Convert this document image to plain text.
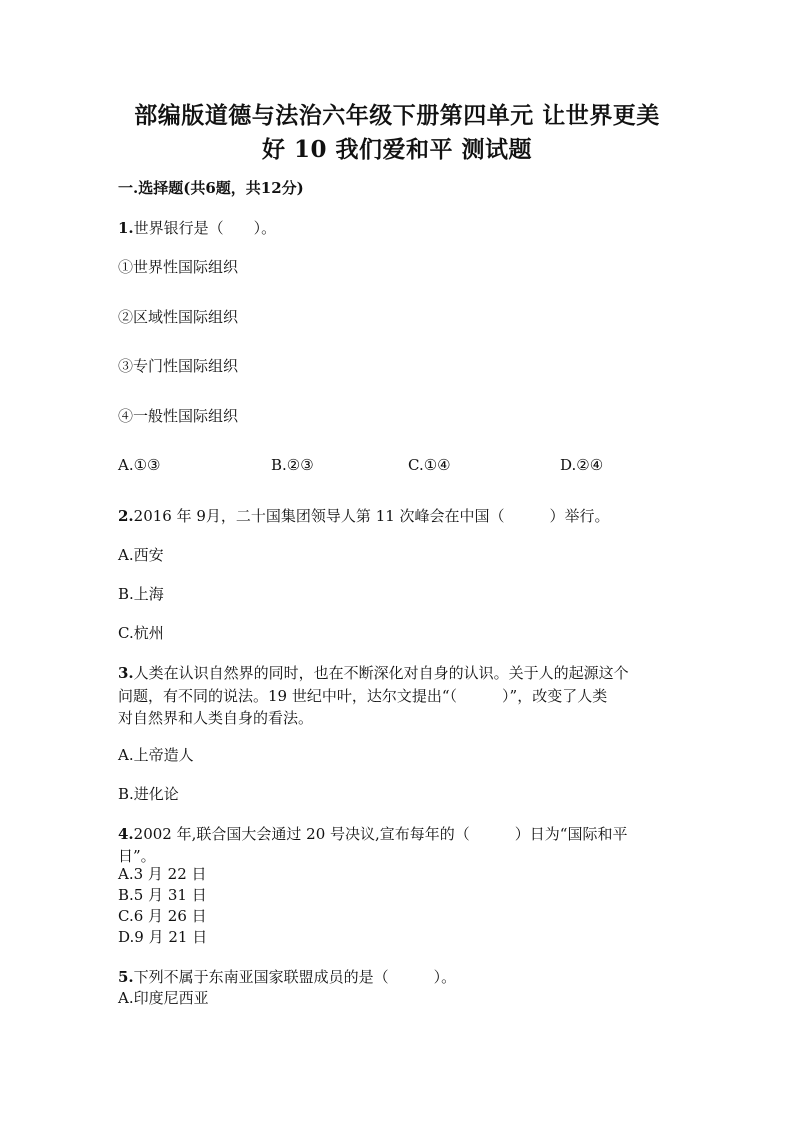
部编版道德与法治六年级下册第四单元 让世界更美
好 10 我们爱和平 测试题
一.选择题(共6题，共12分)
1.世界银行是（　　）。
①世界性国际组织
②区域性国际组织
③专门性国际组织
④一般性国际组织
A.①③	B.②③	C.①④	D.②④
2.2016 年 9月，二十国集团领导人第 11 次峰会在中国（　　　）举行。
A.西安
B.上海
C.杭州
3.人类在认识自然界的同时，也在不断深化对自身的认识。关于人的起源这个
问题，有不同的说法。19 世纪中叶，达尔文提出“（　　　）”，改变了人类
对自然界和人类自身的看法。
A.上帝造人
B.进化论
4.2002 年,联合国大会通过 20 号决议,宣布每年的（　　　）日为“国际和平
日”。
A.3 月 22 日
B.5 月 31 日
C.6 月 26 日
D.9 月 21 日
5.下列不属于东南亚国家联盟成员的是（　　　）。
A.印度尼西亚
